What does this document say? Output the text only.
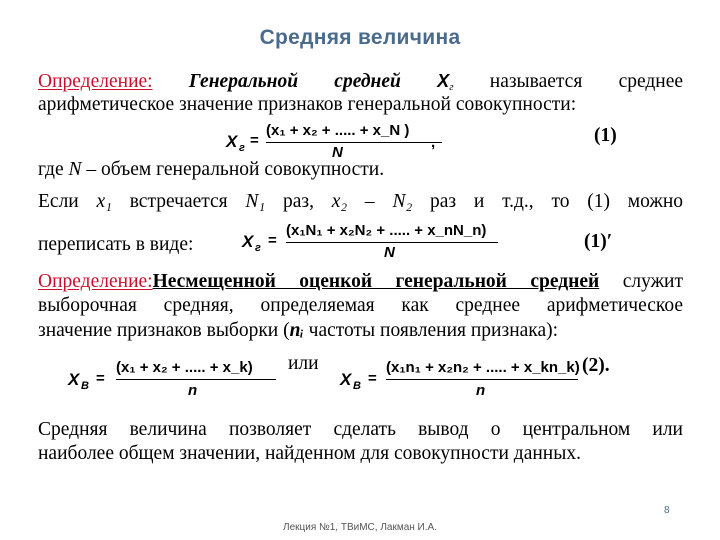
Средняя величина
Определение: Генеральной средней $X_г$ называется среднее
арифметическое значение признаков генеральной совокупности:
X г =
(x₁ + x₂ + ..... + x_N )
N
,	(1)
где N – объем генеральной совокупности.
Если x₁ встречается N₁ раз, x₂ – N₂ раз и т.д., то (1) можно
переписать в виде:	X г =
(x₁N₁ + x₂N₂ + ..... + x_nN_n)
N
(1)′
Определение:Несмещенной оценкой генеральной средней служит
выборочная средняя, определяемая как среднее арифметическое
значение признаков выборки (nᵢ частоты появления признака):
X B =
(x₁ + x₂ + ..... + x_k)
n
или
X B =
(x₁n₁ + x₂n₂ + ..... + x_kn_k)
n
(2).
Средняя величина позволяет сделать вывод о центральном или
наиболее общем значении, найденном для совокупности данных.
Лекция №1, ТВиМС, Лакман И.А.
8
